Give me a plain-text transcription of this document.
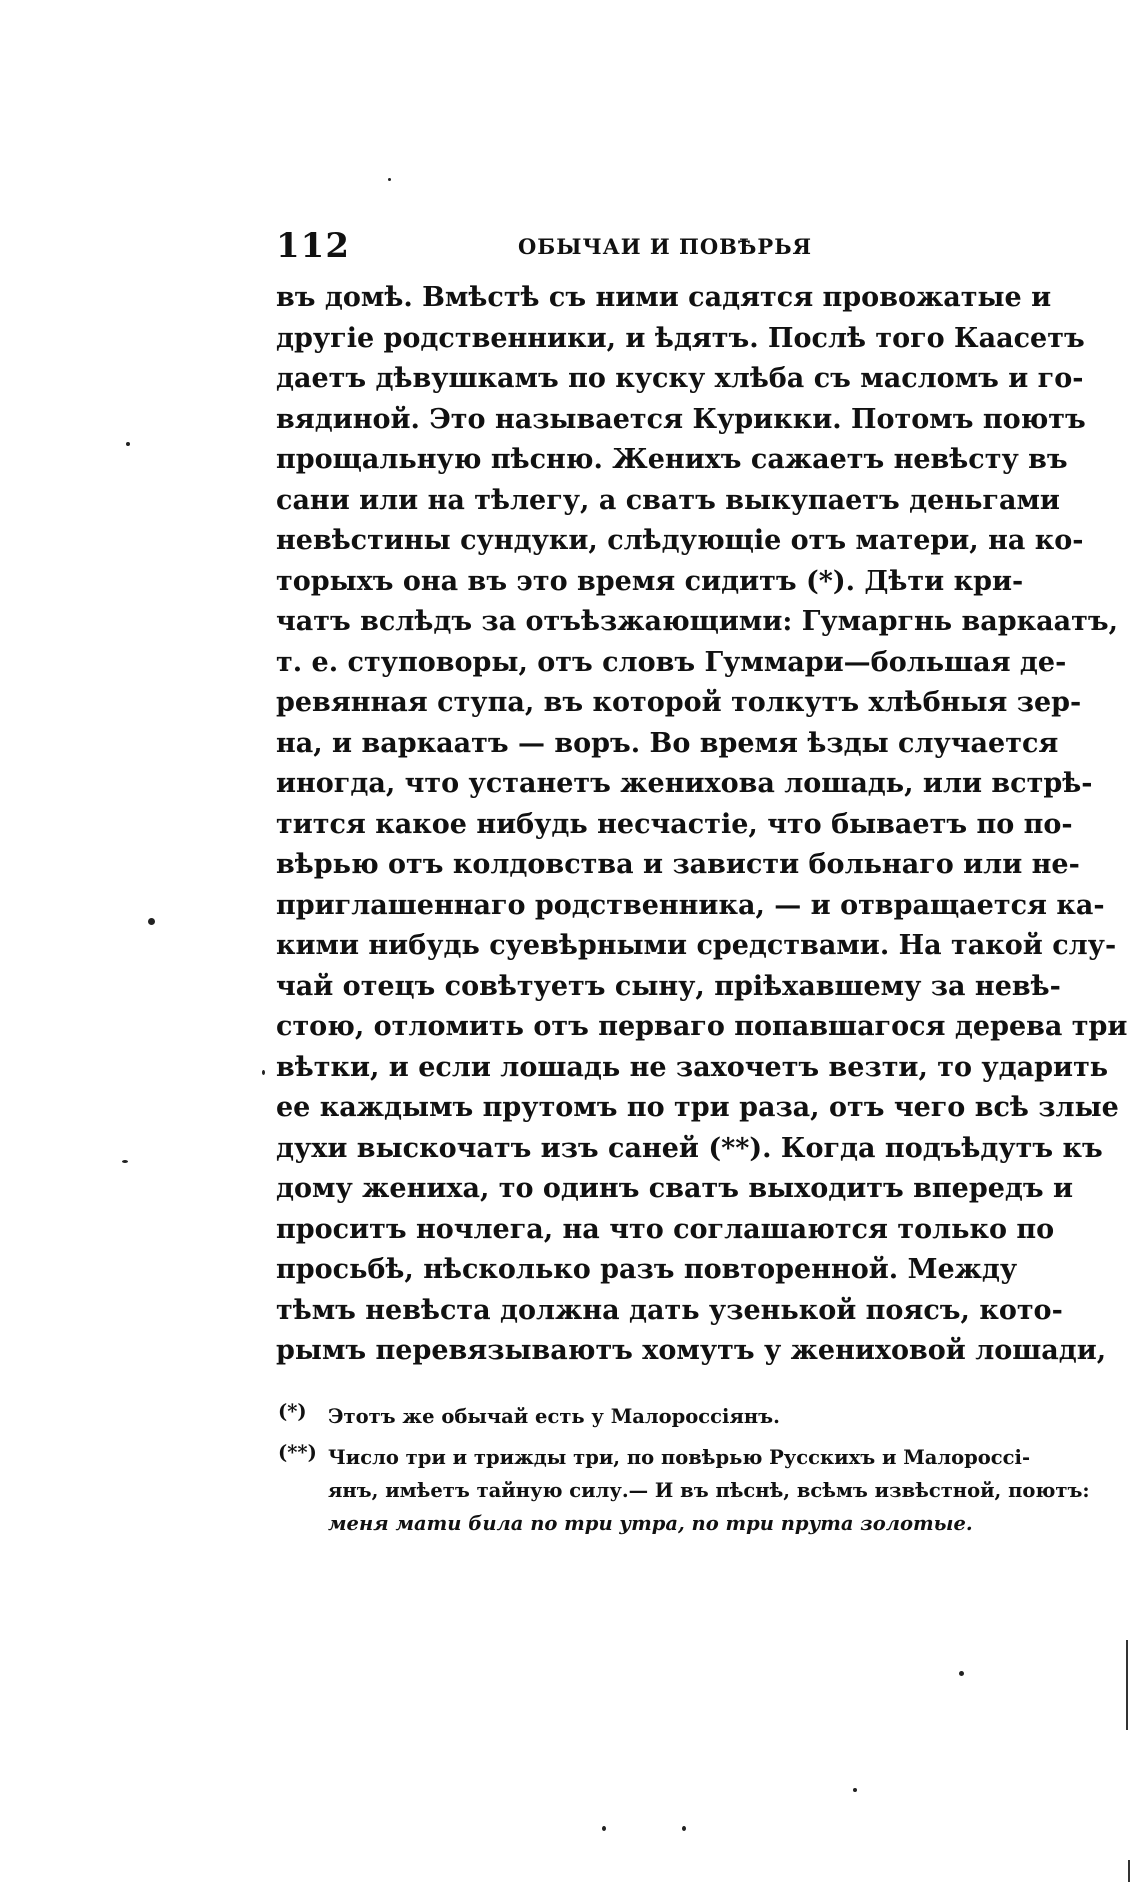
112	ОБЫЧАИ И ПОВѢРЬЯ
въ домѣ. Вмѣстѣ съ ними садятся провожатые и
другіе родственники, и ѣдятъ. Послѣ того Каасетъ
даетъ дѣвушкамъ по куску хлѣба съ масломъ и го-
вядиной. Это называется Курикки. Потомъ поютъ
прощальную пѣсню. Женихъ сажаетъ невѣсту въ
сани или на тѣлегу, а сватъ выкупаетъ деньгами
невѣстины сундуки, слѣдующіе отъ матери, на ко-
торыхъ она въ это время сидитъ (*). Дѣти кри-
чатъ вслѣдъ за отъѣзжающими: Гумаргнь варкаатъ,
т. е. ступоворы, отъ словъ Гуммари—большая де-
ревянная ступа, въ которой толкутъ хлѣбныя зер-
на, и варкаатъ — воръ. Во время ѣзды случается
иногда, что устанетъ женихова лошадь, или встрѣ-
тится какое нибудь несчастіе, что бываетъ по по-
вѣрью отъ колдовства и зависти больнаго или не-
приглашеннаго родственника, — и отвращается ка-
кими нибудь суевѣрными средствами. На такой слу-
чай отецъ совѣтуетъ сыну, пріѣхавшему за невѣ-
стою, отломить отъ перваго попавшагося дерева три
вѣтки, и если лошадь не захочетъ везти, то ударить
ее каждымъ прутомъ по три раза, отъ чего всѣ злые
духи выскочатъ изъ саней (**). Когда подъѣдутъ къ
дому жениха, то одинъ сватъ выходитъ впередъ и
проситъ ночлега, на что соглашаются только по
просьбѣ, нѣсколько разъ повторенной. Между
тѣмъ невѣста должна дать узенькой поясъ, кото-
рымъ перевязываютъ хомутъ у жениховой лошади,
(*) Этотъ же обычай есть у Малороссіянъ.
(**) Число три и трижды три, по повѣрью Русскихъ и Малороссі-
янъ, имѣетъ тайную силу.— И въ пѣснѣ, всѣмъ извѣстной, поютъ:
меня мати била по три утра, по три прута золотые.
